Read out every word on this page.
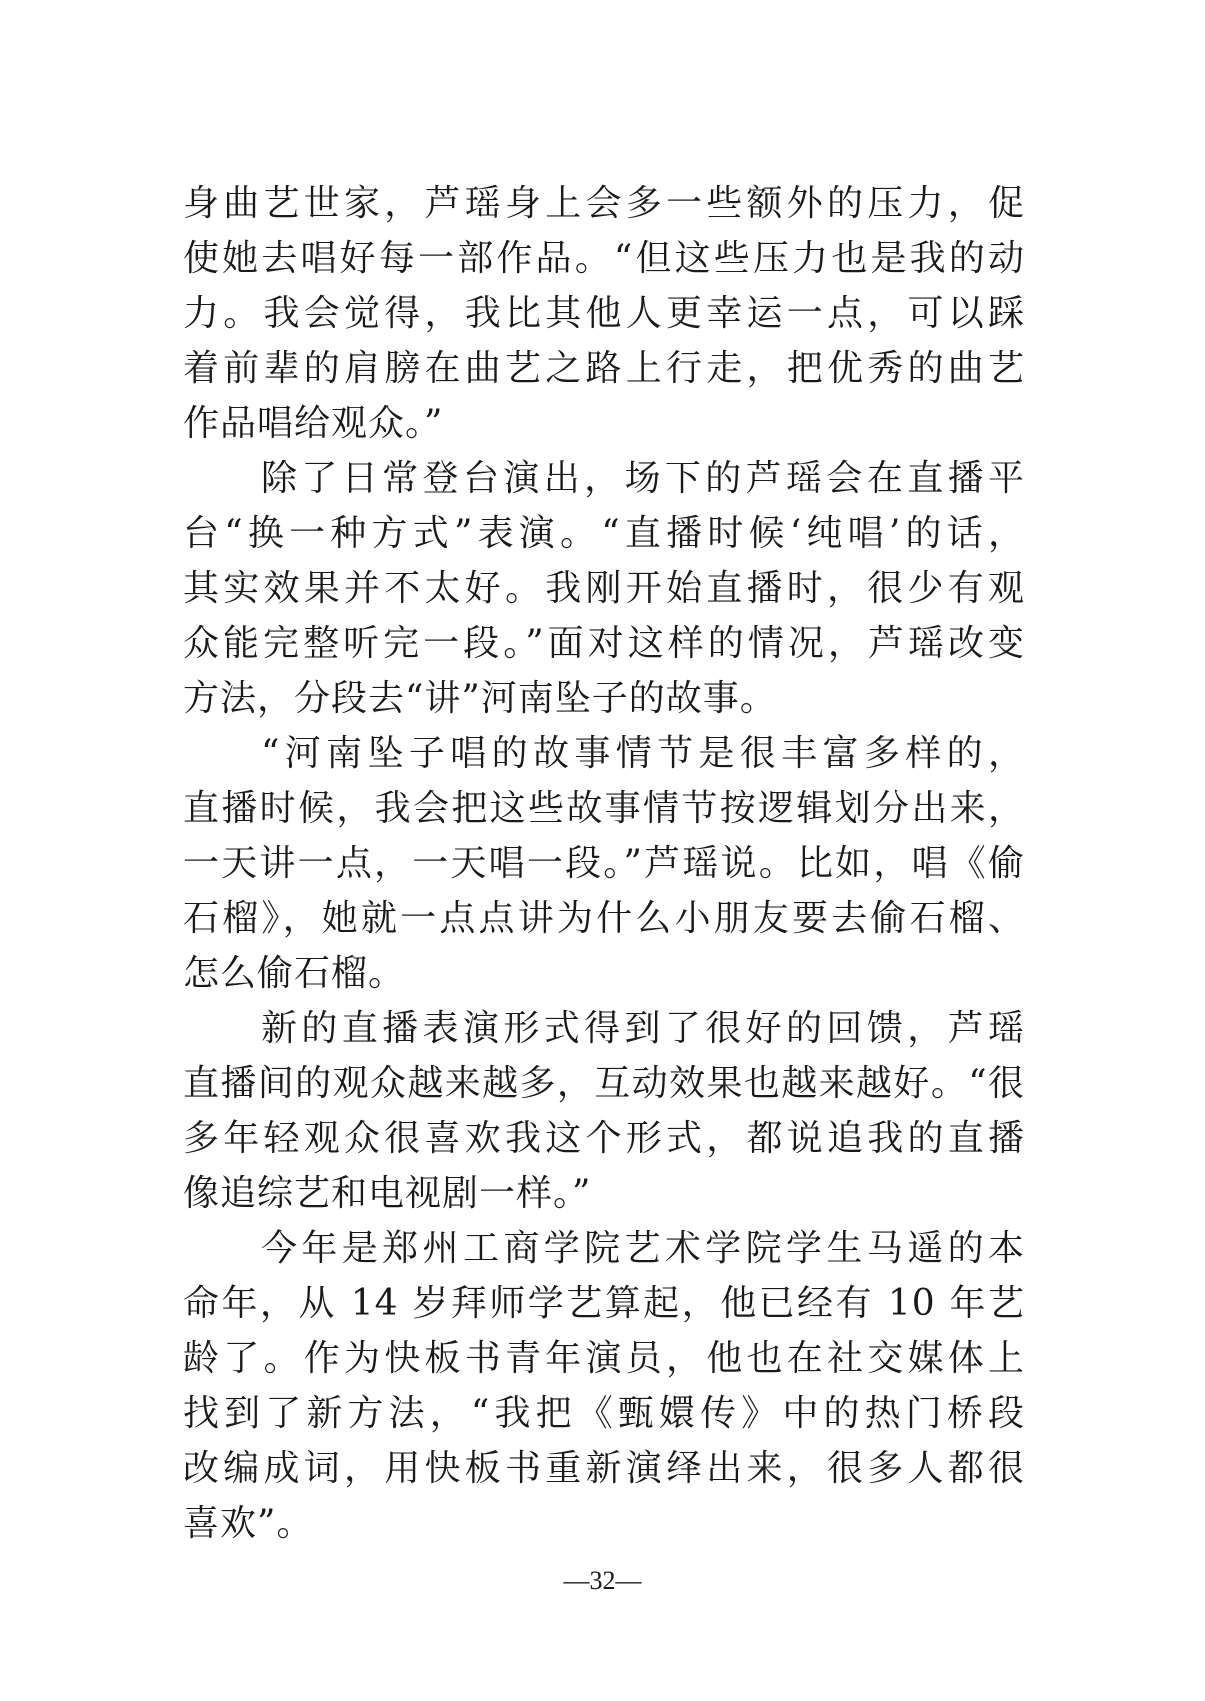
身曲艺世家，芦瑶身上会多一些额外的压力，促
使她去唱好每一部作品。“但这些压力也是我的动
力。我会觉得，我比其他人更幸运一点，可以踩
着前辈的肩膀在曲艺之路上行走，把优秀的曲艺
作品唱给观众。”
除了日常登台演出，场下的芦瑶会在直播平
台“换一种方式”表演。“直播时候‘纯唱’的话，
其实效果并不太好。我刚开始直播时，很少有观
众能完整听完一段。”面对这样的情况，芦瑶改变
方法，分段去“讲”河南坠子的故事。
“河南坠子唱的故事情节是很丰富多样的，
直播时候，我会把这些故事情节按逻辑划分出来，
一天讲一点，一天唱一段。”芦瑶说。比如，唱《偷
石榴》，她就一点点讲为什么小朋友要去偷石榴、
怎么偷石榴。
新的直播表演形式得到了很好的回馈，芦瑶
直播间的观众越来越多，互动效果也越来越好。“很
多年轻观众很喜欢我这个形式，都说追我的直播
像追综艺和电视剧一样。”
今年是郑州工商学院艺术学院学生马遥的本
命年，从 14 岁拜师学艺算起，他已经有 10 年艺
龄了。作为快板书青年演员，他也在社交媒体上
找到了新方法，“我把《甄嬛传》中的热门桥段
改编成词，用快板书重新演绎出来，很多人都很
喜欢”。
—32—
